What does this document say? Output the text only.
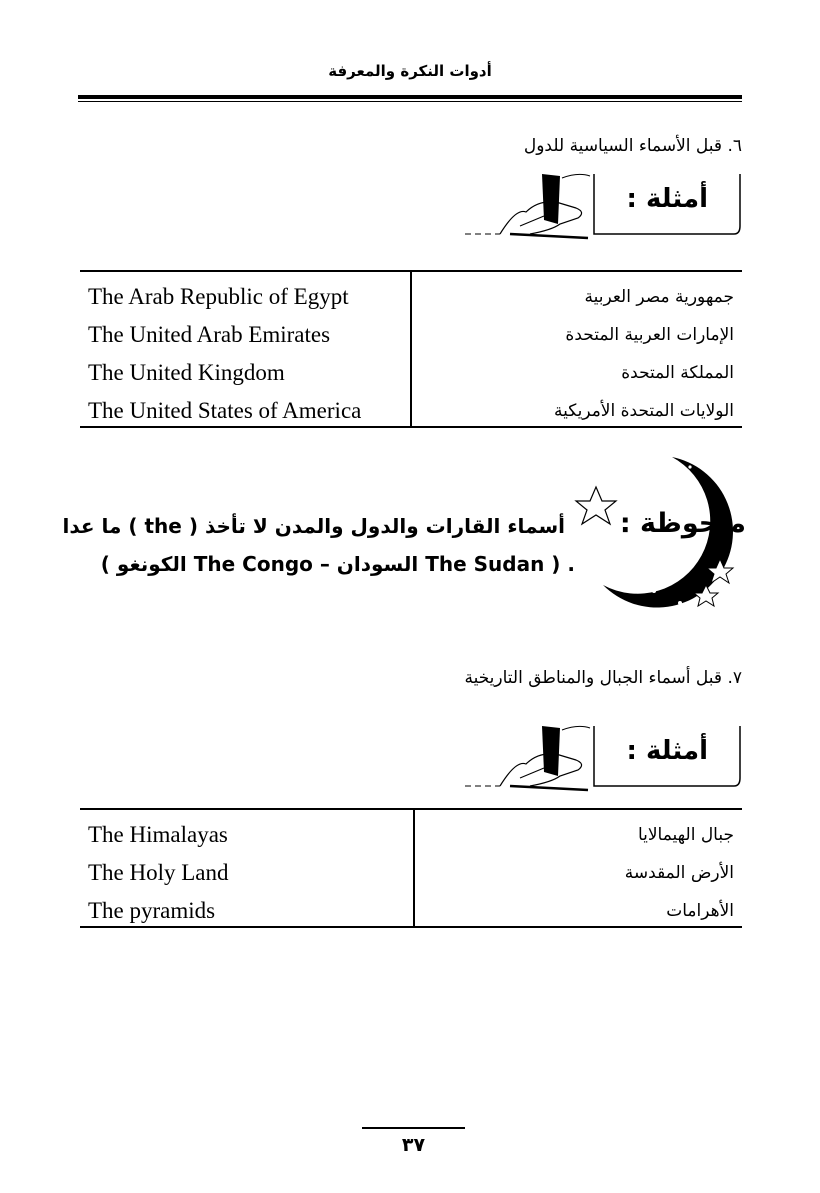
أدوات النكرة والمعرفة
٦. قبل الأسماء السياسية للدول
أمثلة :
The Arab Republic of Egypt
The United Arab Emirates
The United Kingdom
The United States of America
جمهورية مصر العربية
الإمارات العربية المتحدة
المملكة المتحدة
الولايات المتحدة الأمريكية
ملحوظة :
أسماء القارات والدول والمدن لا تأخذ ( the ) ما عدا
. ( The Sudan السودان – The Congo الكونغو )
٧. قبل أسماء الجبال والمناطق التاريخية
أمثلة :
The Himalayas
The Holy Land
The pyramids
جبال الهيمالايا
الأرض المقدسة
الأهرامات
٣٧
